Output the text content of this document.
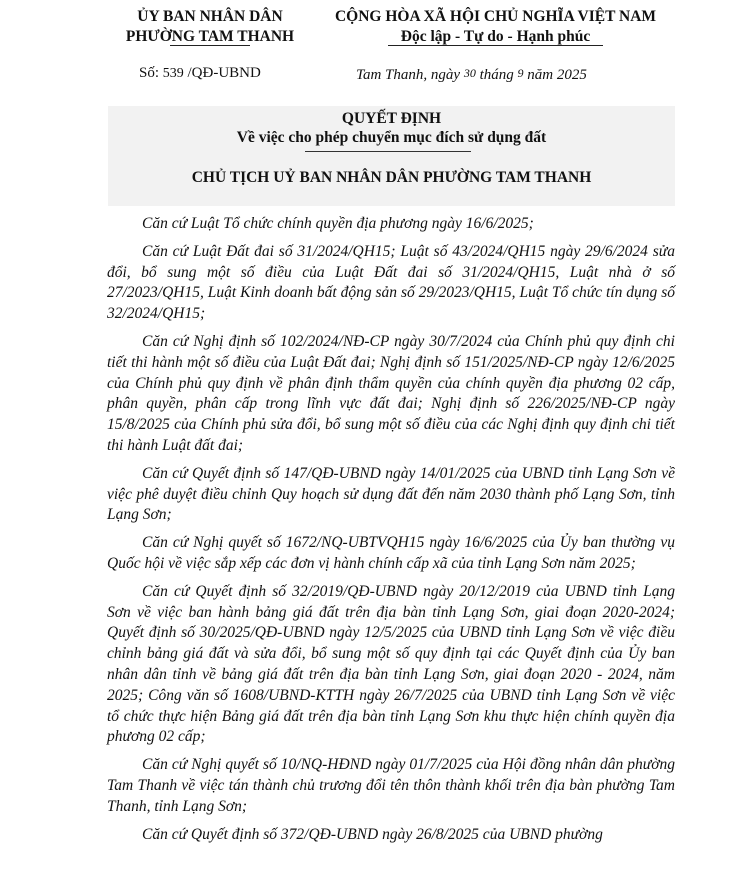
ỦY BAN NHÂN DÂN
PHƯỜNG TAM THANH
CỘNG HÒA XÃ HỘI CHỦ NGHĨA VIỆT NAM
Độc lập - Tự do - Hạnh phúc
Số: 539 /QĐ-UBND	Tam Thanh, ngày 30 tháng 9 năm 2025
QUYẾT ĐỊNH
Về việc cho phép chuyển mục đích sử dụng đất
CHỦ TỊCH UỶ BAN NHÂN DÂN PHƯỜNG TAM THANH

Căn cứ Luật Tổ chức chính quyền địa phương ngày 16/6/2025;

Căn cứ Luật Đất đai số 31/2024/QH15; Luật số 43/2024/QH15 ngày 29/6/2024 sửa đổi, bổ sung một số điều của Luật Đất đai số 31/2024/QH15, Luật nhà ở số 27/2023/QH15, Luật Kinh doanh bất động sản số 29/2023/QH15, Luật Tổ chức tín dụng số 32/2024/QH15;

Căn cứ Nghị định số 102/2024/NĐ-CP ngày 30/7/2024 của Chính phủ quy định chi tiết thi hành một số điều của Luật Đất đai; Nghị định số 151/2025/NĐ-CP ngày 12/6/2025 của Chính phủ quy định về phân định thẩm quyền của chính quyền địa phương 02 cấp, phân quyền, phân cấp trong lĩnh vực đất đai; Nghị định số 226/2025/NĐ-CP ngày 15/8/2025 của Chính phủ sửa đổi, bổ sung một số điều của các Nghị định quy định chi tiết thi hành Luật đất đai;

Căn cứ Quyết định số 147/QĐ-UBND ngày 14/01/2025 của UBND tỉnh Lạng Sơn về việc phê duyệt điều chỉnh Quy hoạch sử dụng đất đến năm 2030 thành phố Lạng Sơn, tỉnh Lạng Sơn;

Căn cứ Nghị quyết số 1672/NQ-UBTVQH15 ngày 16/6/2025 của Ủy ban thường vụ Quốc hội về việc sắp xếp các đơn vị hành chính cấp xã của tỉnh Lạng Sơn năm 2025;

Căn cứ Quyết định số 32/2019/QĐ-UBND ngày 20/12/2019 của UBND tỉnh Lạng Sơn về việc ban hành bảng giá đất trên địa bàn tỉnh Lạng Sơn, giai đoạn 2020-2024; Quyết định số 30/2025/QĐ-UBND ngày 12/5/2025 của UBND tỉnh Lạng Sơn về việc điều chỉnh bảng giá đất và sửa đổi, bổ sung một số quy định tại các Quyết định của Ủy ban nhân dân tỉnh về bảng giá đất trên địa bàn tỉnh Lạng Sơn, giai đoạn 2020 - 2024, năm 2025; Công văn số 1608/UBND-KTTH ngày 26/7/2025 của UBND tỉnh Lạng Sơn về việc tổ chức thực hiện Bảng giá đất trên địa bàn tỉnh Lạng Sơn khu thực hiện chính quyền địa phương 02 cấp;

Căn cứ Nghị quyết số 10/NQ-HĐND ngày 01/7/2025 của Hội đồng nhân dân phường Tam Thanh về việc tán thành chủ trương đổi tên thôn thành khối trên địa bàn phường Tam Thanh, tỉnh Lạng Sơn;

Căn cứ Quyết định số 372/QĐ-UBND ngày 26/8/2025 của UBND phường
